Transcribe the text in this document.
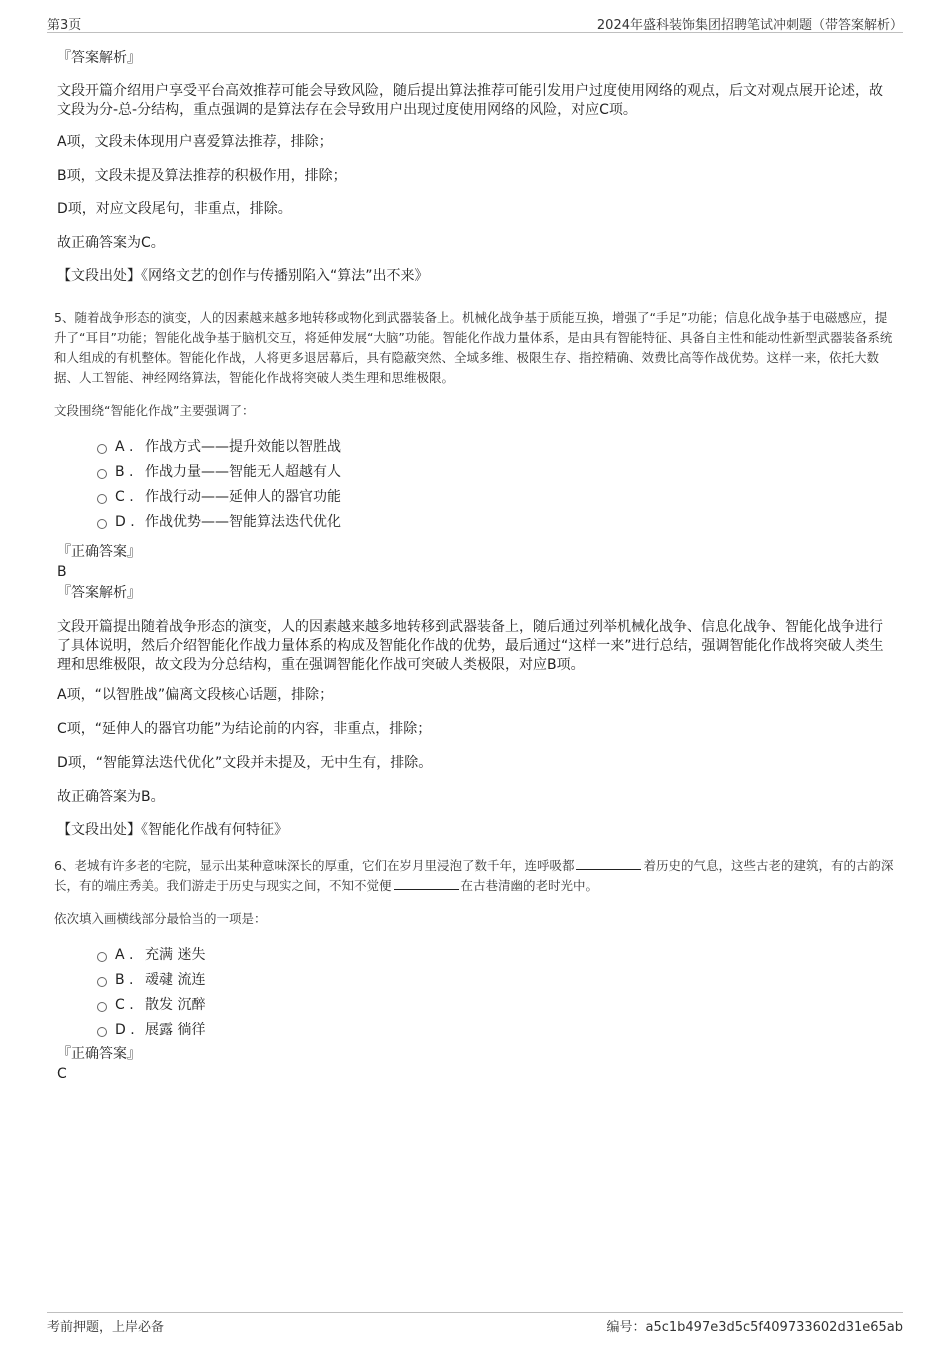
第3页	2024年盛科装饰集团招聘笔试冲刺题（带答案解析）
『答案解析』

文段开篇介绍用户享受平台高效推荐可能会导致风险，随后提出算法推荐可能引发用户过度使用网络的观点，后文对观点展开论述，故文段为分-总-分结构，重点强调的是算法存在会导致用户出现过度使用网络的风险，对应C项。

A项，文段未体现用户喜爱算法推荐，排除；
B项，文段未提及算法推荐的积极作用，排除；
D项，对应文段尾句，非重点，排除。
故正确答案为C。
【文段出处】《网络文艺的创作与传播别陷入“算法”出不来》

5、随着战争形态的演变，人的因素越来越多地转移或物化到武器装备上。机械化战争基于质能互换，增强了“手足”功能；信息化战争基于电磁感应，提升了“耳目”功能；智能化战争基于脑机交互，将延伸发展“大脑”功能。智能化作战力量体系，是由具有智能特征、具备自主性和能动性新型武器装备系统和人组成的有机整体。智能化作战，人将更多退居幕后，具有隐蔽突然、全域多维、极限生存、指控精确、效费比高等作战优势。这样一来，依托大数据、人工智能、神经网络算法，智能化作战将突破人类生理和思维极限。

文段围绕“智能化作战”主要强调了：
A . 作战方式——提升效能以智胜战
B . 作战力量——智能无人超越有人
C . 作战行动——延伸人的器官功能
D . 作战优势——智能算法迭代优化
『正确答案』
B
『答案解析』

文段开篇提出随着战争形态的演变，人的因素越来越多地转移到武器装备上，随后通过列举机械化战争、信息化战争、智能化战争进行了具体说明，然后介绍智能化作战力量体系的构成及智能化作战的优势，最后通过“这样一来”进行总结，强调智能化作战将突破人类生理和思维极限，故文段为分总结构，重在强调智能化作战可突破人类极限，对应B项。

A项，“以智胜战”偏离文段核心话题，排除；
C项，“延伸人的器官功能”为结论前的内容，非重点，排除；
D项，“智能算法迭代优化”文段并未提及，无中生有，排除。
故正确答案为B。
【文段出处】《智能化作战有何特征》

6、老城有许多老的宅院，显示出某种意味深长的厚重，它们在岁月里浸泡了数千年，连呼吸都	着历史的气息，这些古老的建筑，有的古韵深长，有的端庄秀美。我们游走于历史与现实之间，不知不觉便	在古巷清幽的老时光中。

依次填入画横线部分最恰当的一项是：
A . 充满 迷失
B . 叆叇 流连
C . 散发 沉醉
D . 展露 徜徉
『正确答案』
C
考前押题，上岸必备	编号：a5c1b497e3d5c5f409733602d31e65ab
